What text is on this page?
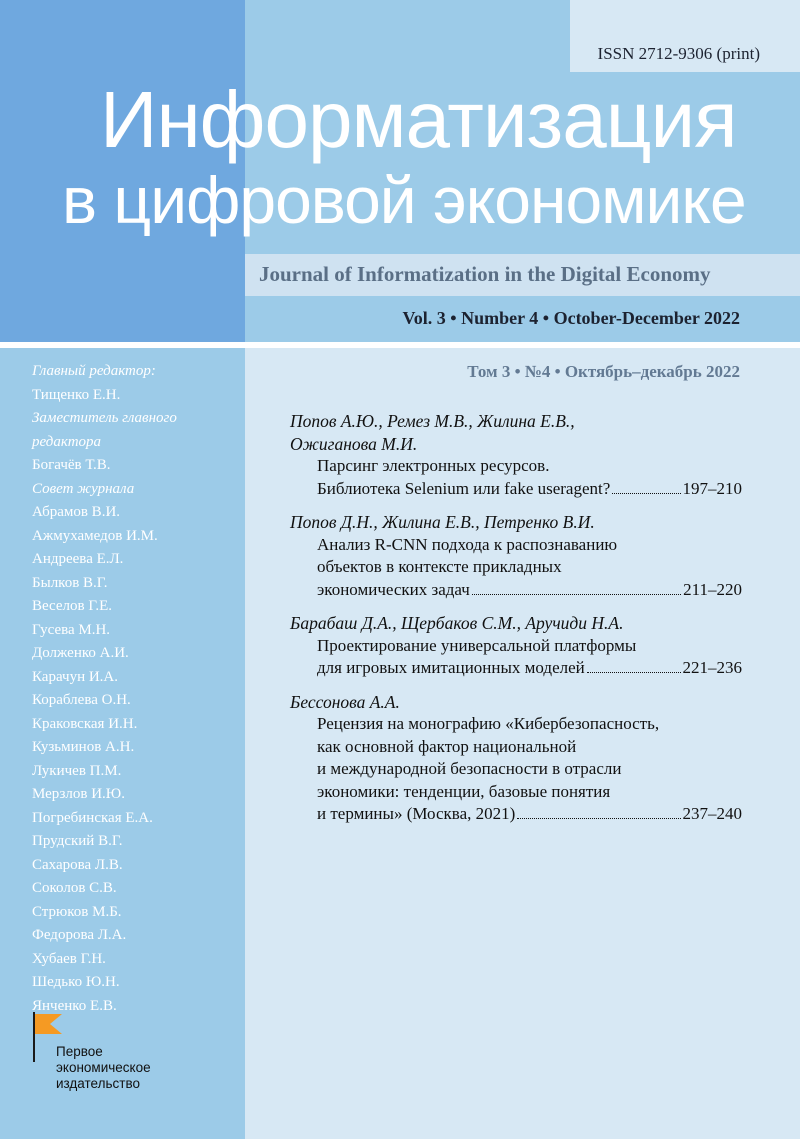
ISSN 2712-9306 (print)
Информатизация
в цифровой экономике
Journal of Informatization in the Digital Economy
Vol. 3 • Number 4 • October-December 2022
Главный редактор:
Тищенко Е.Н.
Заместитель главного
редактора
Богачёв Т.В.
Совет журнала
Абрамов В.И.
Ажмухамедов И.М.
Андреева Е.Л.
Былков В.Г.
Веселов Г.Е.
Гусева М.Н.
Долженко А.И.
Карачун И.А.
Кораблева О.Н.
Краковская И.Н.
Кузьминов А.Н.
Лукичев П.М.
Мерзлов И.Ю.
Погребинская Е.А.
Прудский В.Г.
Сахарова Л.В.
Соколов С.В.
Стрюков М.Б.
Федорова Л.А.
Хубаев Г.Н.
Шедько Ю.Н.
Янченко Е.В.
Первое
экономическое
издательство
Том 3 • №4 • Октябрь–декабрь 2022
Попов А.Ю., Ремез М.В., Жилина Е.В.,
Ожиганова М.И.
Парсинг электронных ресурсов.
Библиотека Selenium или fake useragent?	197–210
Попов Д.Н., Жилина Е.В., Петренко В.И.
Анализ R-CNN подхода к распознаванию
объектов в контексте прикладных
экономических задач	211–220
Барабаш Д.А., Щербаков С.М., Аручиди Н.А.
Проектирование универсальной платформы
для игровых имитационных моделей	221–236
Бессонова А.А.
Рецензия на монографию «Кибербезопасность,
как основной фактор национальной
и международной безопасности в отрасли
экономики: тенденции, базовые понятия
и термины» (Москва, 2021)	237–240
